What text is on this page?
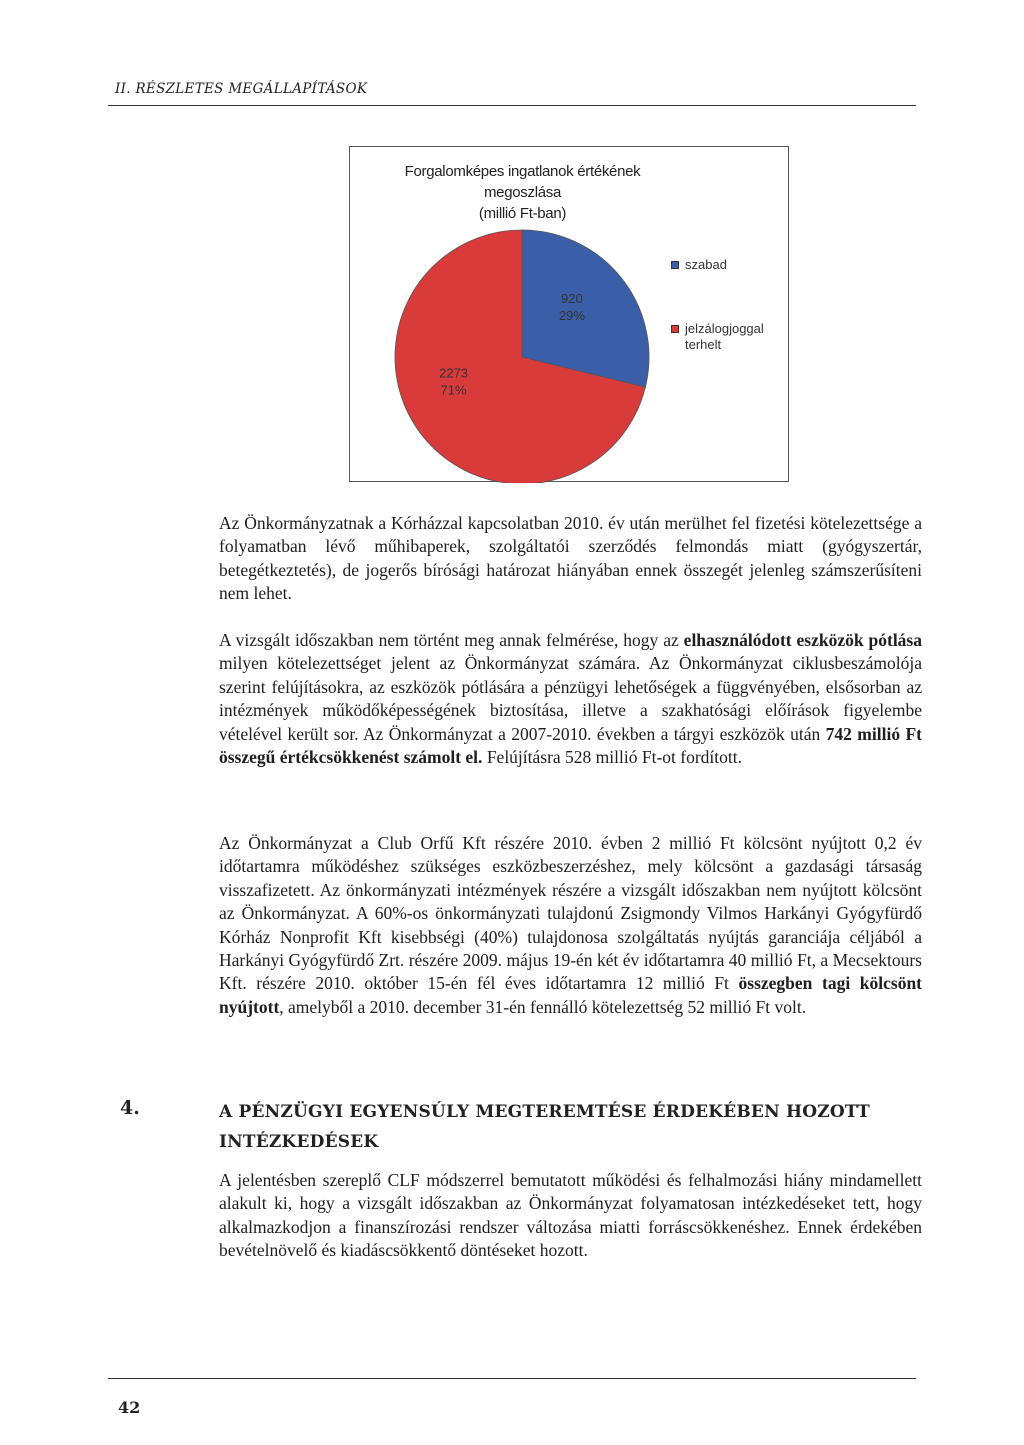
II. RÉSZLETES MEGÁLLAPÍTÁSOK
Forgalomképes ingatlanok értékének
megoszlása
(millió Ft-ban)
920
29%
2273
71%
szabad
jelzálogjoggal
terhelt
Az Önkormányzatnak a Kórházzal kapcsolatban 2010. év után merülhet fel fizetési kötelezettsége a folyamatban lévő műhibaperek, szolgáltatói szerződés felmondás miatt (gyógyszertár, betegétkeztetés), de jogerős bírósági határozat hiányában ennek összegét jelenleg számszerűsíteni nem lehet.
A vizsgált időszakban nem történt meg annak felmérése, hogy az elhasználódott eszközök pótlása milyen kötelezettséget jelent az Önkormányzat számára. Az Önkormányzat ciklusbeszámolója szerint felújításokra, az eszközök pótlására a pénzügyi lehetőségek a függvényében, elsősorban az intézmények működőképességének biztosítása, illetve a szakhatósági előírások figyelembe vételével került sor. Az Önkormányzat a 2007-2010. években a tárgyi eszközök után 742 millió Ft összegű értékcsökkenést számolt el. Felújításra 528 millió Ft-ot fordított.
Az Önkormányzat a Club Orfű Kft részére 2010. évben 2 millió Ft kölcsönt nyújtott 0,2 év időtartamra működéshez szükséges eszközbeszerzéshez, mely kölcsönt a gazdasági társaság visszafizetett. Az önkormányzati intézmények részére a vizsgált időszakban nem nyújtott kölcsönt az Önkormányzat. A 60%-os önkormányzati tulajdonú Zsigmondy Vilmos Harkányi Gyógyfürdő Kórház Nonprofit Kft kisebbségi (40%) tulajdonosa szolgáltatás nyújtás garanciája céljából a Harkányi Gyógyfürdő Zrt. részére 2009. május 19-én két év időtartamra 40 millió Ft, a Mecsektours Kft. részére 2010. október 15-én fél éves időtartamra 12 millió Ft összegben tagi kölcsönt nyújtott, amelyből a 2010. december 31-én fennálló kötelezettség 52 millió Ft volt.
4.	A PÉNZÜGYI EGYENSÚLY MEGTEREMTÉSE ÉRDEKÉBEN HOZOTT INTÉZKEDÉSEK
A jelentésben szereplő CLF módszerrel bemutatott működési és felhalmozási hiány mindamellett alakult ki, hogy a vizsgált időszakban az Önkormányzat folyamatosan intézkedéseket tett, hogy alkalmazkodjon a finanszírozási rendszer változása miatti forráscsökkenéshez. Ennek érdekében bevételnövelő és kiadáscsökkentő döntéseket hozott.
42
